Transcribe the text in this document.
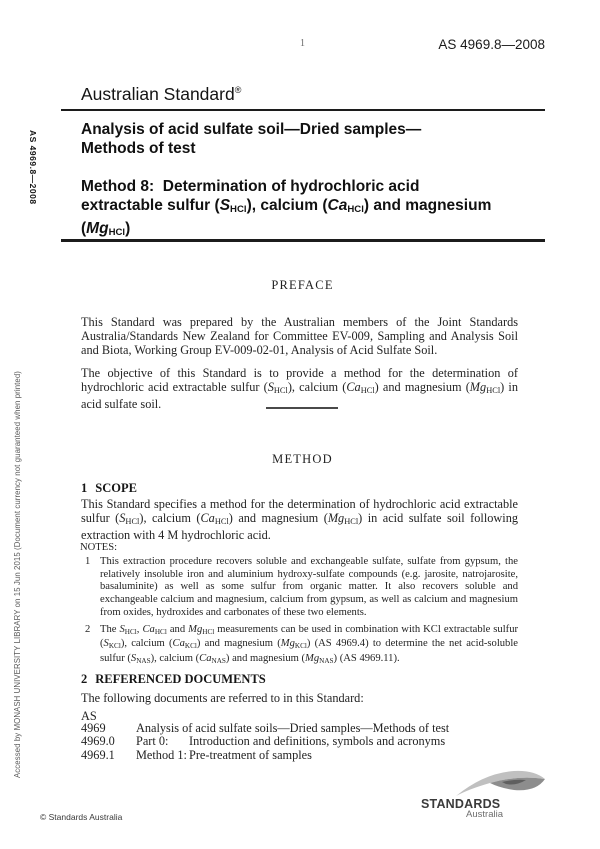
1	AS 4969.8—2008
Australian Standard®
Analysis of acid sulfate soil—Dried samples—Methods of test
Method 8:  Determination of hydrochloric acid extractable sulfur (SHCl), calcium (CaHCl) and magnesium (MgHCl)
PREFACE
This Standard was prepared by the Australian members of the Joint Standards Australia/Standards New Zealand for Committee EV-009, Sampling and Analysis Soil and Biota, Working Group EV-009-02-01, Analysis of Acid Sulfate Soil.
The objective of this Standard is to provide a method for the determination of hydrochloric acid extractable sulfur (SHCl), calcium (CaHCl) and magnesium (MgHCl) in acid sulfate soil.
METHOD
1 SCOPE
This Standard specifies a method for the determination of hydrochloric acid extractable sulfur (SHCl), calcium (CaHCl) and magnesium (MgHCl) in acid sulfate soil following extraction with 4 M hydrochloric acid.
NOTES:
1 This extraction procedure recovers soluble and exchangeable sulfate, sulfate from gypsum, the relatively insoluble iron and aluminium hydroxy-sulfate compounds (e.g. jarosite, natrojarosite, basaluminite) as well as some sulfur from organic matter. It also recovers soluble and exchangeable calcium and magnesium, calcium from gypsum, as well as calcium and magnesium from oxides, hydroxides and carbonates of these two elements.
2 The SHCl, CaHCl and MgHCl measurements can be used in combination with KCl extractable sulfur (SKCl), calcium (CaKCl) and magnesium (MgKCl) (AS 4969.4) to determine the net acid-soluble sulfur (SNAS), calcium (CaNAS) and magnesium (MgNAS) (AS 4969.11).
2 REFERENCED DOCUMENTS
The following documents are referred to in this Standard:
AS
4969	Analysis of acid sulfate soils—Dried samples—Methods of test
4969.0	Part 0:	Introduction and definitions, symbols and acronyms
4969.1	Method 1: Pre-treatment of samples
© Standards Australia
STANDARDS
Australia
AS 4969.8—2008
Accessed by MONASH UNIVERSITY LIBRARY on 15 Jun 2015 (Document currency not guaranteed when printed)
